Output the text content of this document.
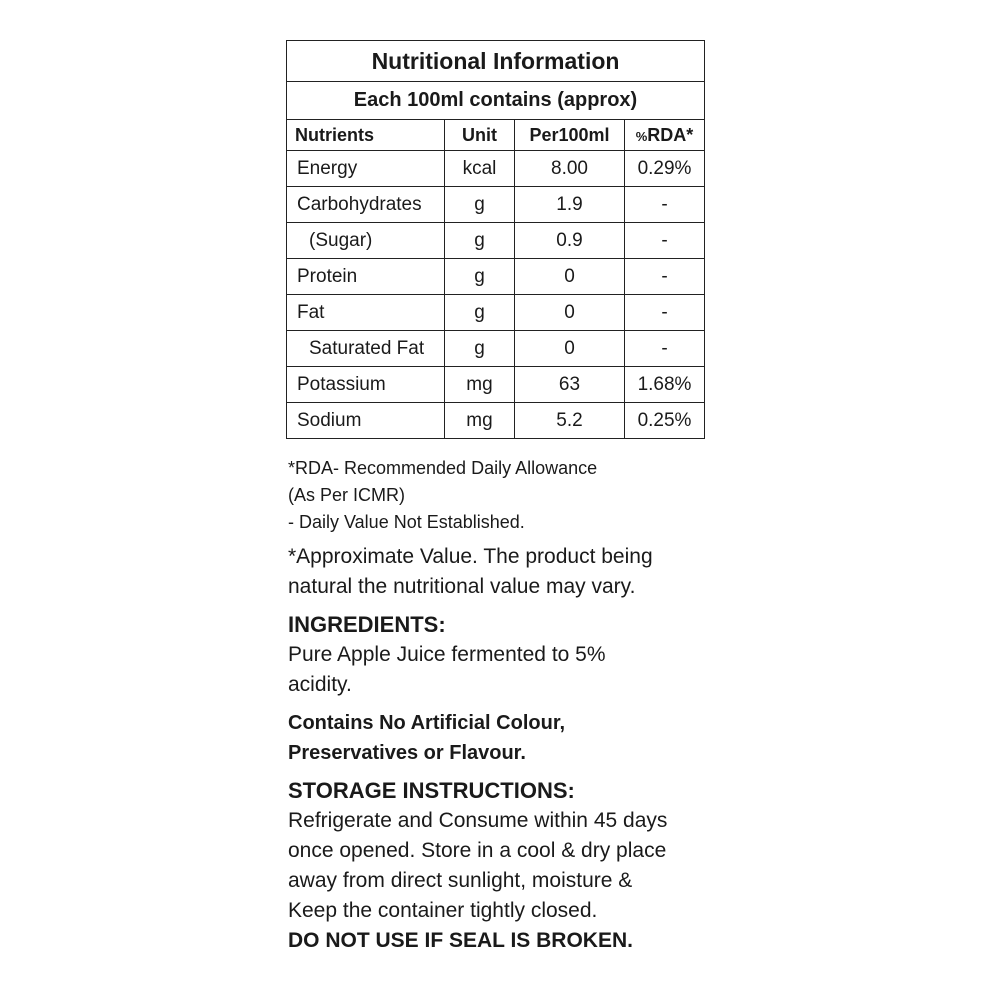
Nutritional Information			
Each 100ml contains (approx)			
Nutrients	Unit	Per100ml	%RDA*
Energy	kcal	8.00	0.29%
Carbohydrates	g	1.9	-
(Sugar)	g	0.9	-
Protein	g	0	-
Fat	g	0	-
Saturated Fat	g	0	-
Potassium	mg	63	1.68%
Sodium	mg	5.2	0.25%

*RDA- Recommended Daily Allowance

(As Per ICMR)

- Daily Value Not Established.

*Approximate Value. The product being

natural the nutritional value may vary.

INGREDIENTS:

Pure Apple Juice fermented to 5%

acidity.

Contains No Artificial Colour,

Preservatives or Flavour.

STORAGE INSTRUCTIONS:

Refrigerate and Consume within 45 days

once opened. Store in a cool & dry place

away from direct sunlight, moisture &

Keep the container tightly closed.

DO NOT USE IF SEAL IS BROKEN.
